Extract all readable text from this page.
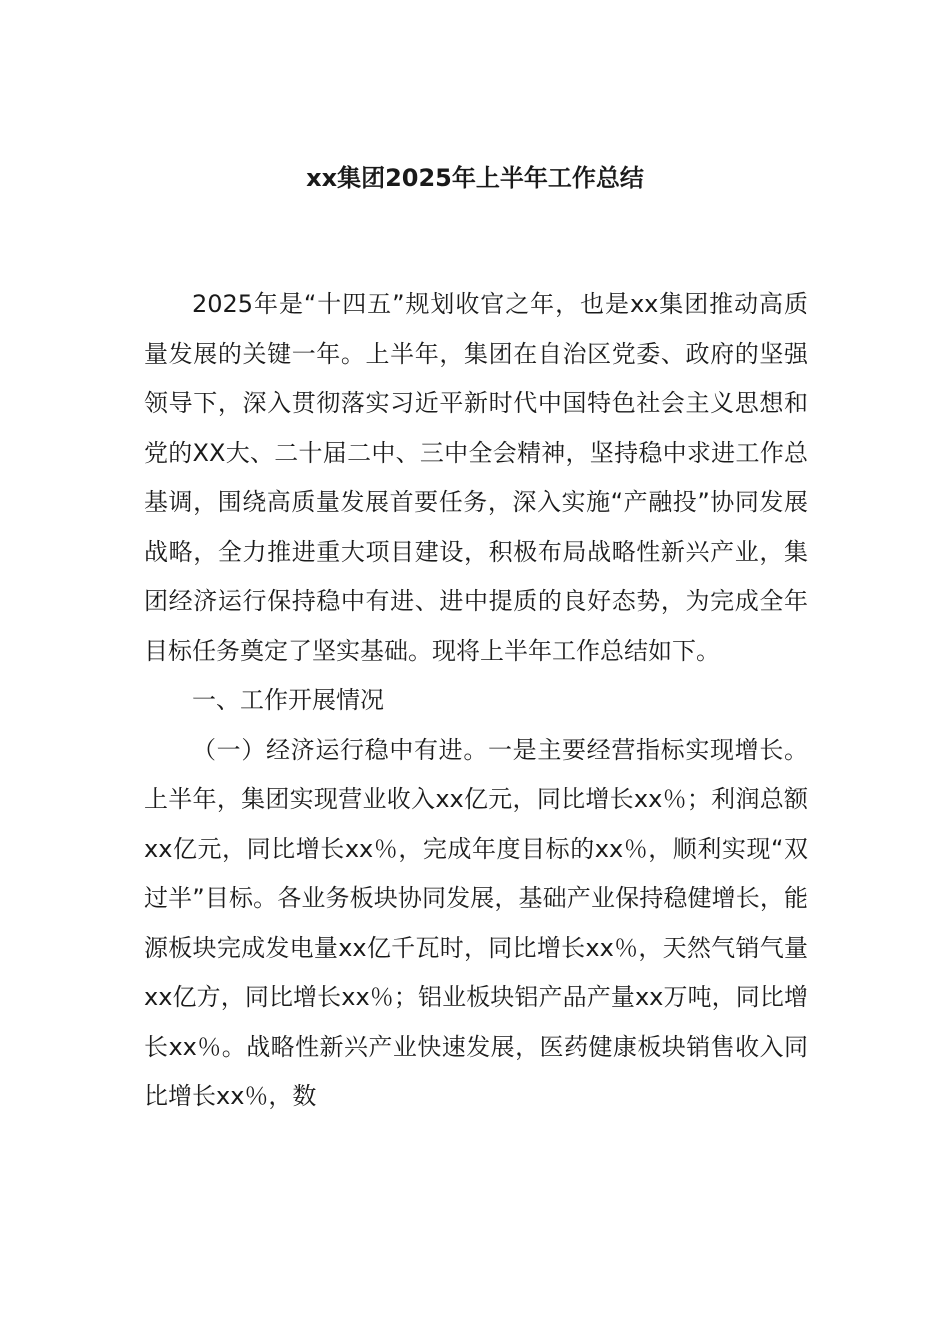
xx集团2025年上半年工作总结

2025年是“十四五”规划收官之年，也是xx集团推动高质量发展的关键一年。上半年，集团在自治区党委、政府的坚强领导下，深入贯彻落实习近平新时代中国特色社会主义思想和党的XX大、二十届二中、三中全会精神，坚持稳中求进工作总基调，围绕高质量发展首要任务，深入实施“产融投”协同发展战略，全力推进重大项目建设，积极布局战略性新兴产业，集团经济运行保持稳中有进、进中提质的良好态势，为完成全年目标任务奠定了坚实基础。现将上半年工作总结如下。

一、工作开展情况

（一）经济运行稳中有进。一是主要经营指标实现增长。上半年，集团实现营业收入xx亿元，同比增长xx％；利润总额xx亿元，同比增长xx％，完成年度目标的xx％，顺利实现“双过半”目标。各业务板块协同发展，基础产业保持稳健增长，能源板块完成发电量xx亿千瓦时，同比增长xx％，天然气销气量xx亿方，同比增长xx％；铝业板块铝产品产量xx万吨，同比增长xx％。战略性新兴产业快速发展，医药健康板块销售收入同比增长xx％，数
